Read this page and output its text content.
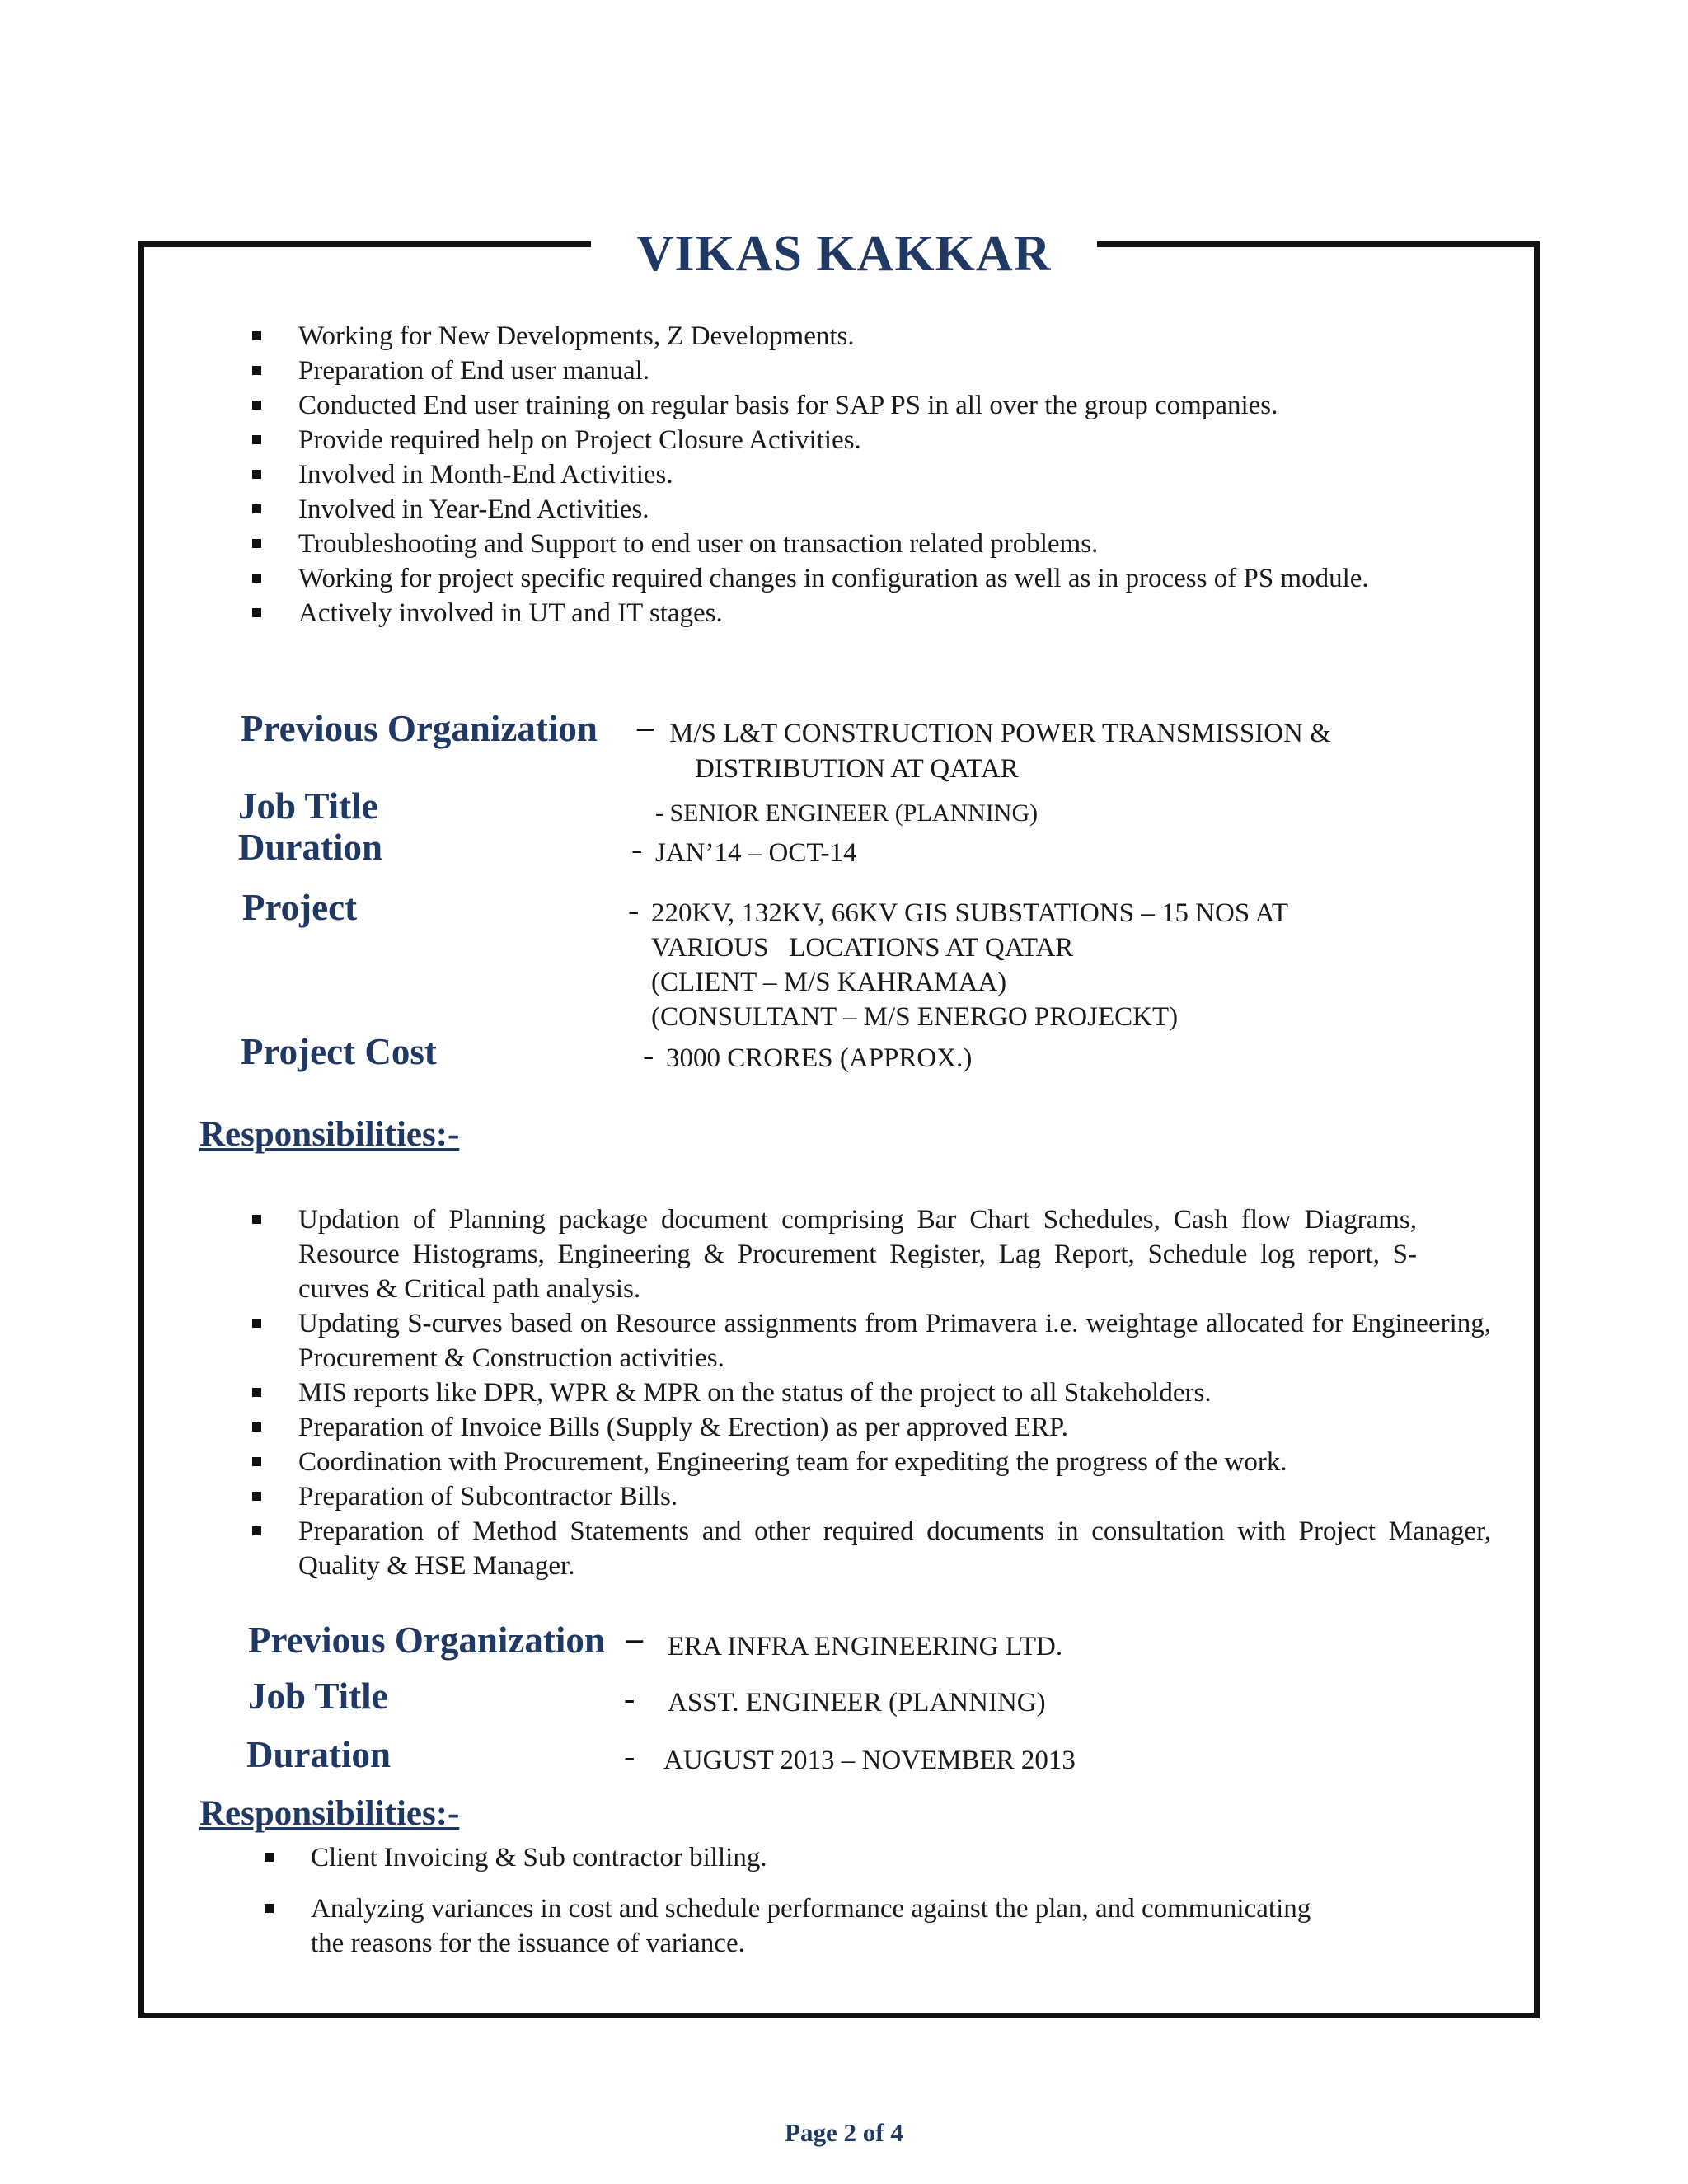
VIKAS KAKKAR
Working for New Developments, Z Developments.
Preparation of End user manual.
Conducted End user training on regular basis for SAP PS in all over the group companies.
Provide required help on Project Closure Activities.
Involved in Month-End Activities.
Involved in Year-End Activities.
Troubleshooting and Support to end user on transaction related problems.
Working for project specific required changes in configuration as well as in process of PS module.
Actively involved in UT and IT stages.
Previous Organization – M/S L&T CONSTRUCTION POWER TRANSMISSION &
DISTRIBUTION AT QATAR
Job Title	- SENIOR ENGINEER (PLANNING)
Duration	- JAN’14 – OCT-14
Project	- 220KV, 132KV, 66KV GIS SUBSTATIONS – 15 NOS AT
VARIOUS   LOCATIONS AT QATAR
(CLIENT – M/S KAHRAMAA)
(CONSULTANT – M/S ENERGO PROJECKT)
Project Cost	- 3000 CRORES (APPROX.)
Responsibilities:-
Updation of Planning package document comprising Bar Chart Schedules, Cash flow Diagrams, Resource Histograms, Engineering & Procurement Register, Lag Report, Schedule log report, S-curves & Critical path analysis.
Updating S-curves based on Resource assignments from Primavera i.e. weightage allocated for Engineering, Procurement & Construction activities.
MIS reports like DPR, WPR & MPR on the status of the project to all Stakeholders.
Preparation of Invoice Bills (Supply & Erection) as per approved ERP.
Coordination with Procurement, Engineering team for expediting the progress of the work.
Preparation of Subcontractor Bills.
Preparation of Method Statements and other required documents in consultation with Project Manager, Quality & HSE Manager.
Previous Organization – ERA INFRA ENGINEERING LTD.
Job Title	- ASST. ENGINEER (PLANNING)
Duration	- AUGUST 2013 – NOVEMBER 2013
Responsibilities:-
Client Invoicing & Sub contractor billing.
Analyzing variances in cost and schedule performance against the plan, and communicating the reasons for the issuance of variance.
Page 2 of 4
